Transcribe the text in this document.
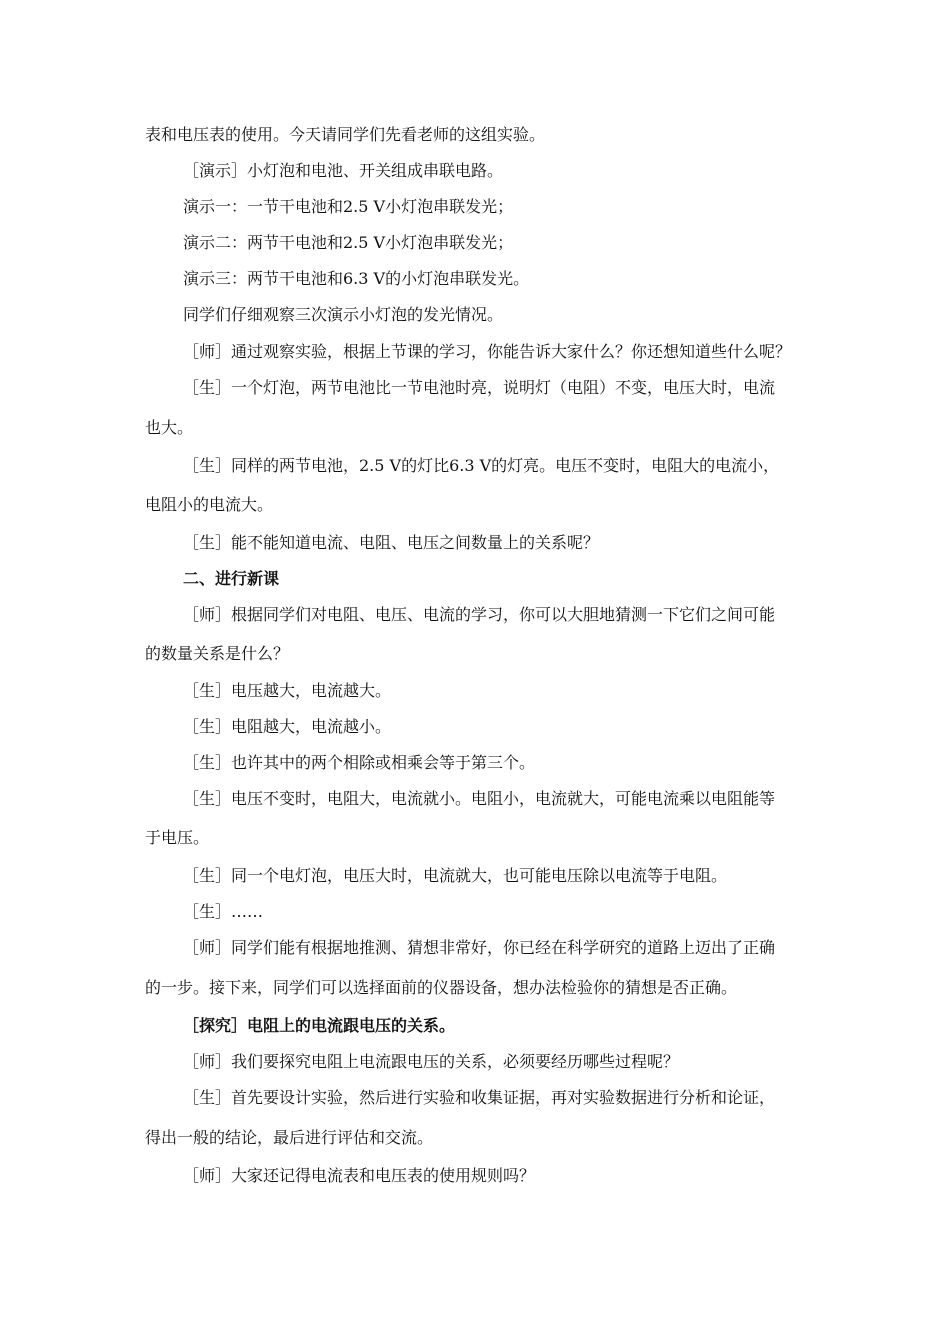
表和电压表的使用。今天请同学们先看老师的这组实验。
［演示］小灯泡和电池、开关组成串联电路。
演示一：一节干电池和2.5 V小灯泡串联发光；
演示二：两节干电池和2.5 V小灯泡串联发光；
演示三：两节干电池和6.3 V的小灯泡串联发光。
同学们仔细观察三次演示小灯泡的发光情况。
［师］通过观察实验，根据上节课的学习，你能告诉大家什么？你还想知道些什么呢？
［生］一个灯泡，两节电池比一节电池时亮，说明灯（电阻）不变，电压大时，电流
也大。
［生］同样的两节电池，2.5 V的灯比6.3 V的灯亮。电压不变时，电阻大的电流小，
电阻小的电流大。
［生］能不能知道电流、电阻、电压之间数量上的关系呢？
二、进行新课
［师］根据同学们对电阻、电压、电流的学习，你可以大胆地猜测一下它们之间可能
的数量关系是什么？
［生］电压越大，电流越大。
［生］电阻越大，电流越小。
［生］也许其中的两个相除或相乘会等于第三个。
［生］电压不变时，电阻大，电流就小。电阻小，电流就大，可能电流乘以电阻能等
于电压。
［生］同一个电灯泡，电压大时，电流就大，也可能电压除以电流等于电阻。
［生］……
［师］同学们能有根据地推测、猜想非常好，你已经在科学研究的道路上迈出了正确
的一步。接下来，同学们可以选择面前的仪器设备，想办法检验你的猜想是否正确。
［探究］电阻上的电流跟电压的关系。
［师］我们要探究电阻上电流跟电压的关系，必须要经历哪些过程呢？
［生］首先要设计实验，然后进行实验和收集证据，再对实验数据进行分析和论证，
得出一般的结论，最后进行评估和交流。
［师］大家还记得电流表和电压表的使用规则吗？
